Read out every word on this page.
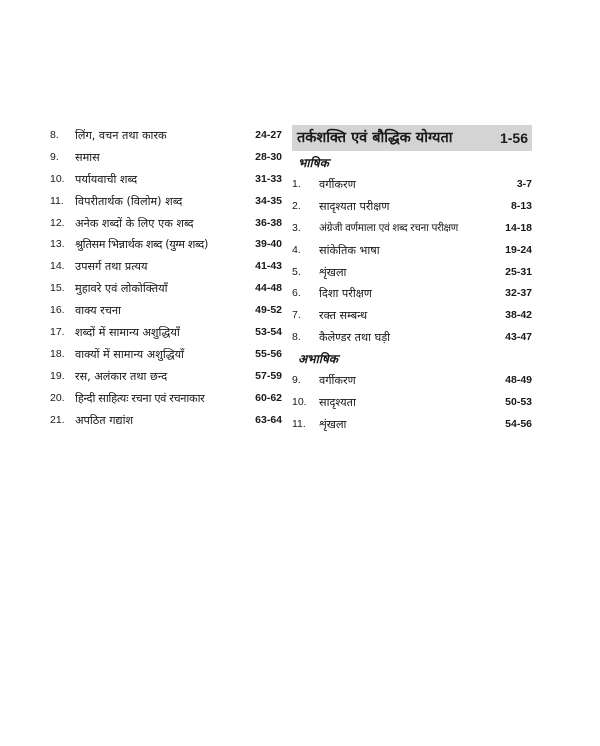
8. लिंग, वचन तथा कारक	24-27
9. समास	28-30
10. पर्यायवाची शब्द	31-33
11. विपरीतार्थक (विलोम) शब्द	34-35
12. अनेक शब्दों के लिए एक शब्द	36-38
13. श्रुतिसम भिन्नार्थक शब्द (युग्म शब्द)	39-40
14. उपसर्ग तथा प्रत्यय	41-43
15. मुहावरे एवं लोकोक्तियाँ	44-48
16. वाक्य रचना	49-52
17. शब्दों में सामान्य अशुद्धियाँ	53-54
18. वाक्यों में सामान्य अशुद्धियाँ	55-56
19. रस, अलंकार तथा छन्द	57-59
20. हिन्दी साहित्यः रचना एवं रचनाकार	60-62
21. अपठित गद्यांश	63-64
तर्कशक्ति एवं बौद्धिक योग्यता	1-56
भाषिक
1. वर्गीकरण	3-7
2. सादृश्यता परीक्षण	8-13
3. अंग्रेजी वर्णमाला एवं शब्द रचना परीक्षण	14-18
4. सांकेतिक भाषा	19-24
5. शृंखला	25-31
6. दिशा परीक्षण	32-37
7. रक्त सम्बन्ध	38-42
8. कैलेण्डर तथा घड़ी	43-47
अभाषिक
9. वर्गीकरण	48-49
10. सादृश्यता	50-53
11. शृंखला	54-56
